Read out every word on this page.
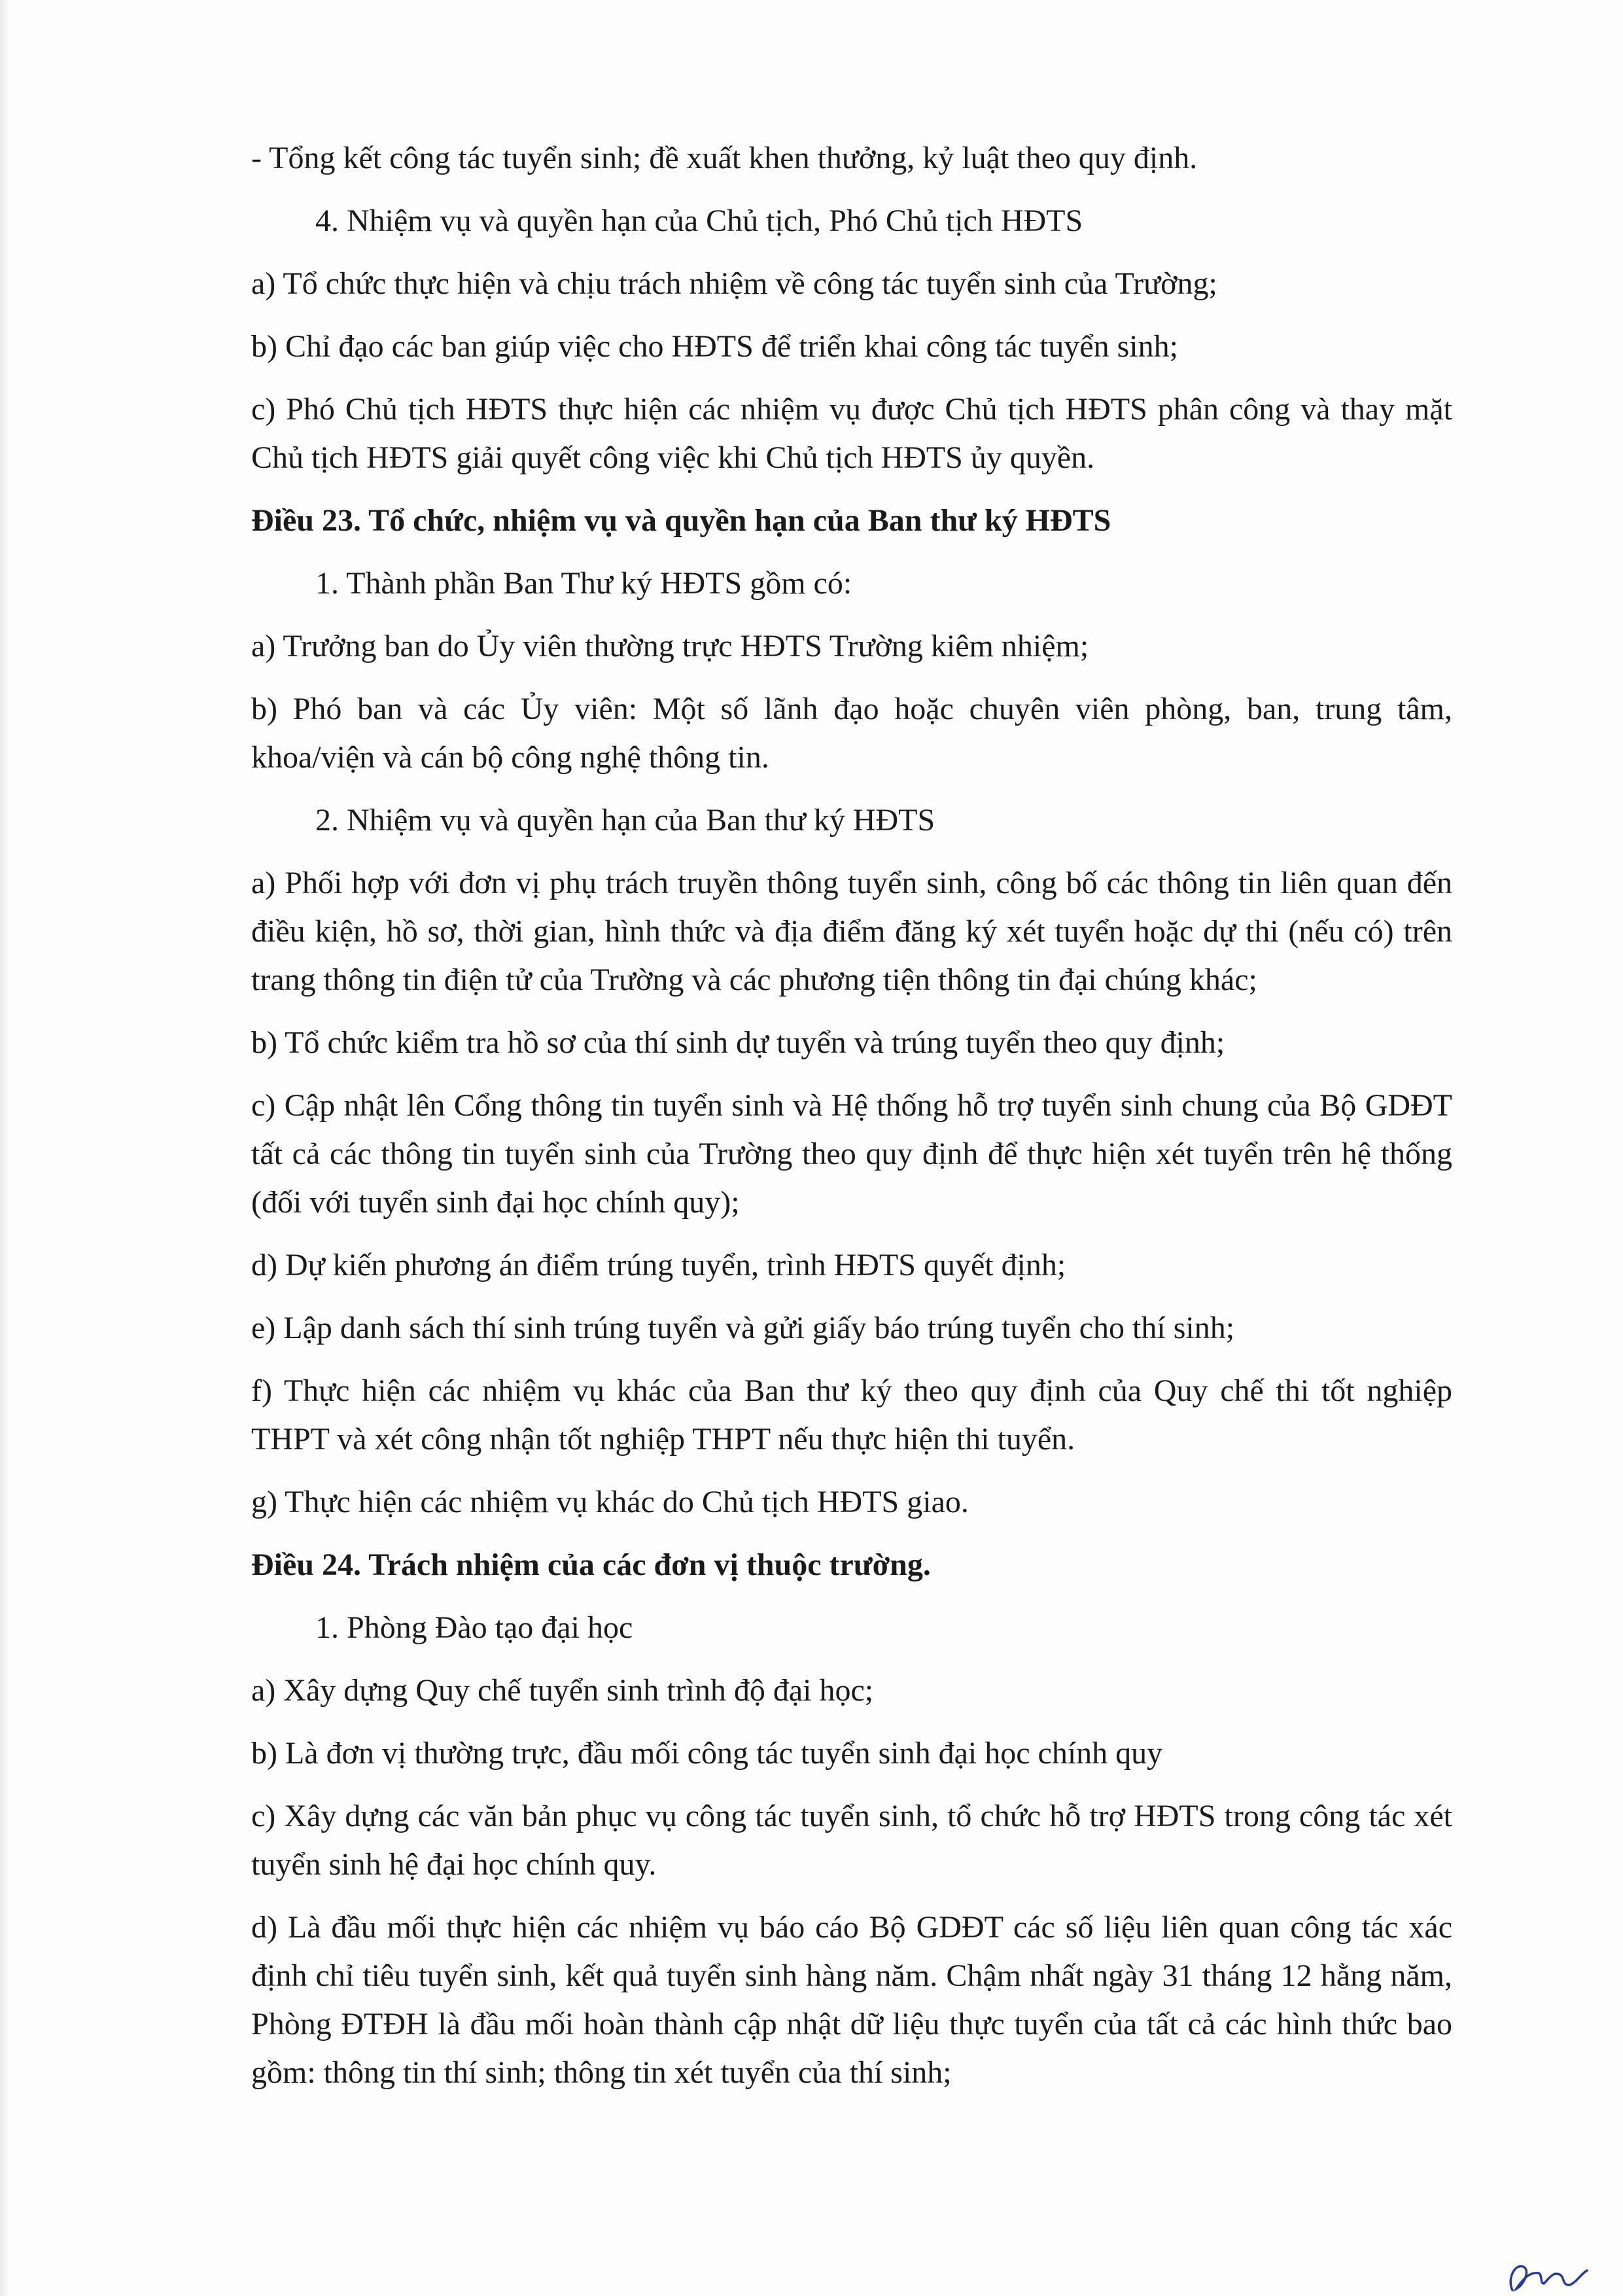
- Tổng kết công tác tuyển sinh; đề xuất khen thưởng, kỷ luật theo quy định.

4. Nhiệm vụ và quyền hạn của Chủ tịch, Phó Chủ tịch HĐTS

a) Tổ chức thực hiện và chịu trách nhiệm về công tác tuyển sinh của Trường;

b) Chỉ đạo các ban giúp việc cho HĐTS để triển khai công tác tuyển sinh;

c) Phó Chủ tịch HĐTS thực hiện các nhiệm vụ được Chủ tịch HĐTS phân công và thay mặt Chủ tịch HĐTS giải quyết công việc khi Chủ tịch HĐTS ủy quyền.

Điều 23. Tổ chức, nhiệm vụ và quyền hạn của Ban thư ký HĐTS

1. Thành phần Ban Thư ký HĐTS gồm có:

a) Trưởng ban do Ủy viên thường trực HĐTS Trường kiêm nhiệm;

b) Phó ban và các Ủy viên: Một số lãnh đạo hoặc chuyên viên phòng, ban, trung tâm, khoa/viện và cán bộ công nghệ thông tin.

2. Nhiệm vụ và quyền hạn của Ban thư ký HĐTS

a) Phối hợp với đơn vị phụ trách truyền thông tuyển sinh, công bố các thông tin liên quan đến điều kiện, hồ sơ, thời gian, hình thức và địa điểm đăng ký xét tuyển hoặc dự thi (nếu có) trên trang thông tin điện tử của Trường và các phương tiện thông tin đại chúng khác;

b) Tổ chức kiểm tra hồ sơ của thí sinh dự tuyển và trúng tuyển theo quy định;

c) Cập nhật lên Cổng thông tin tuyển sinh và Hệ thống hỗ trợ tuyển sinh chung của Bộ GDĐT tất cả các thông tin tuyển sinh của Trường theo quy định để thực hiện xét tuyển trên hệ thống (đối với tuyển sinh đại học chính quy);

d) Dự kiến phương án điểm trúng tuyển, trình HĐTS quyết định;

e) Lập danh sách thí sinh trúng tuyển và gửi giấy báo trúng tuyển cho thí sinh;

f) Thực hiện các nhiệm vụ khác của Ban thư ký theo quy định của Quy chế thi tốt nghiệp THPT và xét công nhận tốt nghiệp THPT nếu thực hiện thi tuyển.

g) Thực hiện các nhiệm vụ khác do Chủ tịch HĐTS giao.

Điều 24. Trách nhiệm của các đơn vị thuộc trường.

1. Phòng Đào tạo đại học

a) Xây dựng Quy chế tuyển sinh trình độ đại học;

b) Là đơn vị thường trực, đầu mối công tác tuyển sinh đại học chính quy

c) Xây dựng các văn bản phục vụ công tác tuyển sinh, tổ chức hỗ trợ HĐTS trong công tác xét tuyển sinh hệ đại học chính quy.

d) Là đầu mối thực hiện các nhiệm vụ báo cáo Bộ GDĐT các số liệu liên quan công tác xác định chỉ tiêu tuyển sinh, kết quả tuyển sinh hàng năm. Chậm nhất ngày 31 tháng 12 hằng năm, Phòng ĐTĐH là đầu mối hoàn thành cập nhật dữ liệu thực tuyển của tất cả các hình thức bao gồm: thông tin thí sinh; thông tin xét tuyển của thí sinh;
